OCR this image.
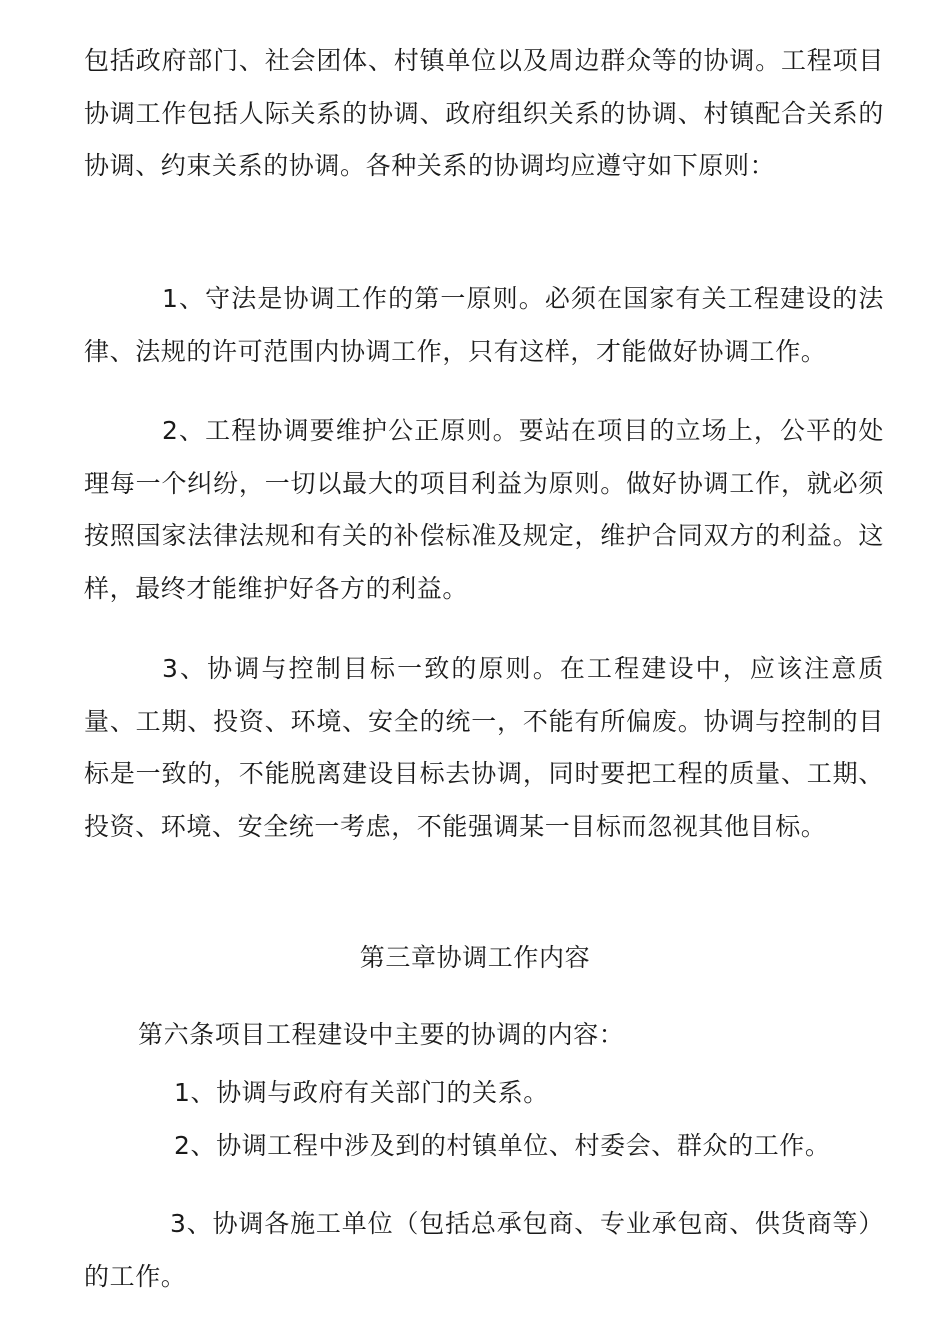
包括政府部门、社会团体、村镇单位以及周边群众等的协调。工程项目协调工作包括人际关系的协调、政府组织关系的协调、村镇配合关系的协调、约束关系的协调。各种关系的协调均应遵守如下原则：

1、守法是协调工作的第一原则。必须在国家有关工程建设的法律、法规的许可范围内协调工作，只有这样，才能做好协调工作。

2、工程协调要维护公正原则。要站在项目的立场上，公平的处理每一个纠纷，一切以最大的项目利益为原则。做好协调工作，就必须按照国家法律法规和有关的补偿标准及规定，维护合同双方的利益。这样，最终才能维护好各方的利益。

3、协调与控制目标一致的原则。在工程建设中，应该注意质量、工期、投资、环境、安全的统一，不能有所偏废。协调与控制的目标是一致的，不能脱离建设目标去协调，同时要把工程的质量、工期、投资、环境、安全统一考虑，不能强调某一目标而忽视其他目标。

第三章协调工作内容

第六条项目工程建设中主要的协调的内容：

1、协调与政府有关部门的关系。

2、协调工程中涉及到的村镇单位、村委会、群众的工作。

3、协调各施工单位（包括总承包商、专业承包商、供货商等）的工作。
